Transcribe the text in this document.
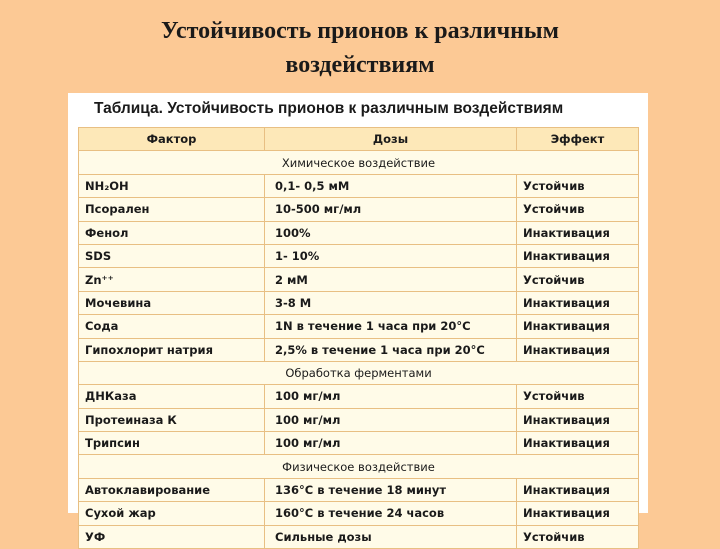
Устойчивость прионов к различным
воздействиям
Таблица. Устойчивость прионов к различным воздействиям
Фактор	Дозы	Эффект
Химическое воздействие		
NH₂OH	0,1- 0,5 мМ	Устойчив
Псорален	10-500 мг/мл	Устойчив
Фенол	100%	Инактивация
SDS	1- 10%	Инактивация
Zn⁺⁺	2 мМ	Устойчив
Мочевина	3-8 М	Инактивация
Сода	1N в течение 1 часа при 20°С	Инактивация
Гипохлорит натрия	2,5% в течение 1 часа при 20°С	Инактивация
Обработка ферментами		
ДНКаза	100 мг/мл	Устойчив
Протеиназа К	100 мг/мл	Инактивация
Трипсин	100 мг/мл	Инактивация
Физическое воздействие		
Автоклавирование	136°С в течение 18 минут	Инактивация
Сухой жар	160°С в течение 24 часов	Инактивация
УФ	Сильные дозы	Устойчив
